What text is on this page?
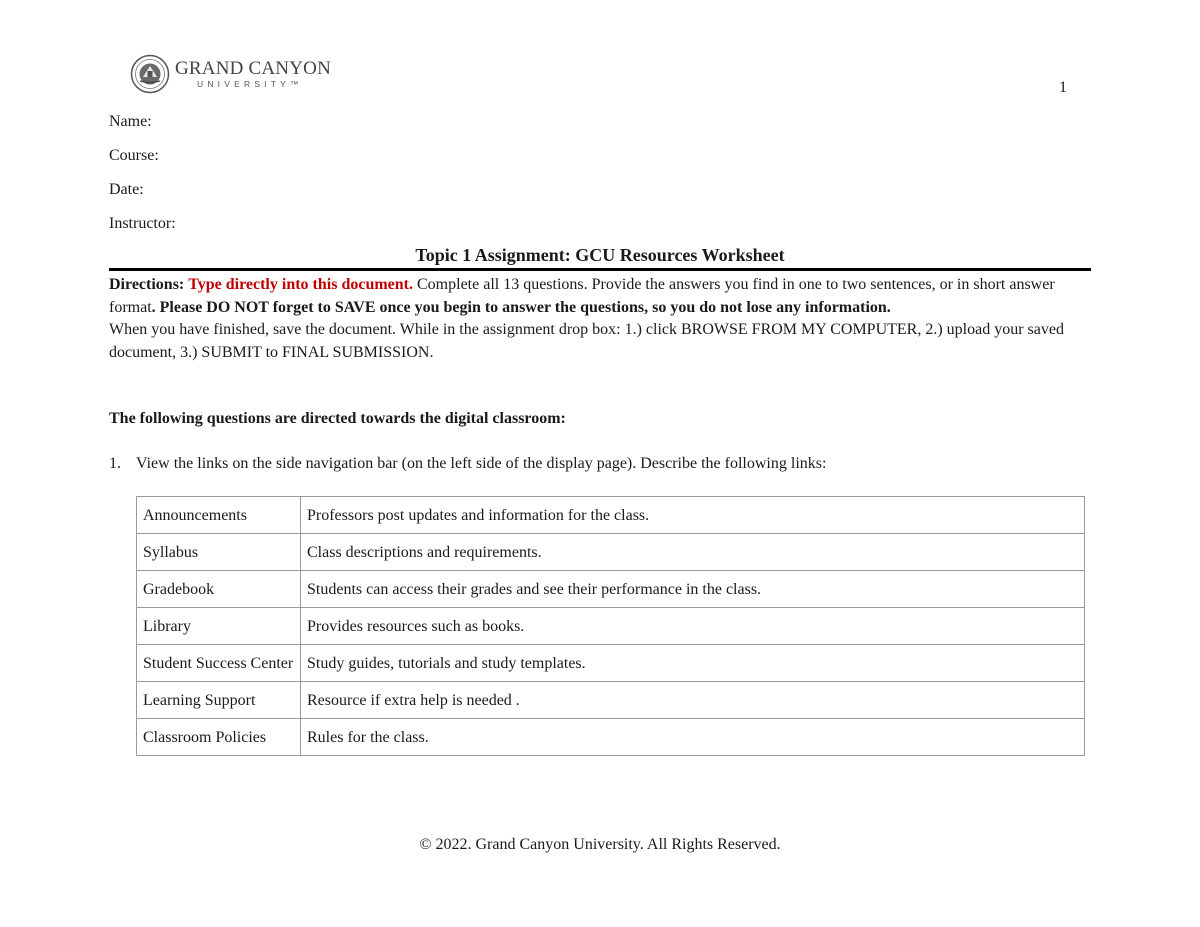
GRAND CANYON
UNIVERSITY™	1
Name:
Course:
Date:
Instructor:
Topic 1 Assignment: GCU Resources Worksheet
Directions: Type directly into this document. Complete all 13 questions. Provide the answers you find in one to two sentences, or in short answer format. Please DO NOT forget to SAVE once you begin to answer the questions, so you do not lose any information.
When you have finished, save the document. While in the assignment drop box: 1.) click BROWSE FROM MY COMPUTER, 2.) upload your saved document, 3.) SUBMIT to FINAL SUBMISSION.
The following questions are directed towards the digital classroom:
1. View the links on the side navigation bar (on the left side of the display page). Describe the following links:
Announcements	Professors post updates and information for the class.
Syllabus	Class descriptions and requirements.
Gradebook	Students can access their grades and see their performance in the class.
Library	Provides resources such as books.
Student Success Center	Study guides, tutorials and study templates.
Learning Support	Resource if extra help is needed .
Classroom Policies	Rules for the class.
© 2022. Grand Canyon University. All Rights Reserved.
